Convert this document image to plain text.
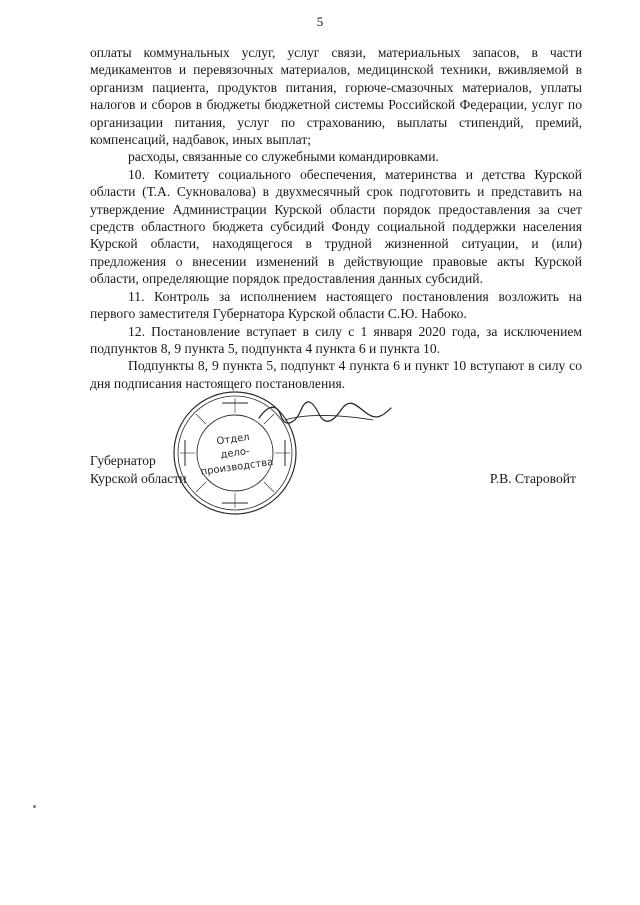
5

оплаты коммунальных услуг, услуг связи, материальных запасов, в части медикаментов и перевязочных материалов, медицинской техники, вживляемой в организм пациента, продуктов питания, горюче-смазочных материалов, уплаты налогов и сборов в бюджеты бюджетной системы Российской Федерации, услуг по организации питания, услуг по страхованию, выплаты стипендий, премий, компенсаций, надбавок, иных выплат;

расходы, связанные со служебными командировками.

10. Комитету социального обеспечения, материнства и детства Курской области (Т.А. Сукновалова) в двухмесячный срок подготовить и представить на утверждение Администрации Курской области порядок предоставления за счет средств областного бюджета субсидий Фонду социальной поддержки населения Курской области, находящегося в трудной жизненной ситуации, и (или) предложения о внесении изменений в действующие правовые акты Курской области, определяющие порядок предоставления данных субсидий.

11. Контроль за исполнением настоящего постановления возложить на первого заместителя Губернатора Курской области С.Ю. Набоко.

12. Постановление вступает в силу с 1 января 2020 года, за исключением подпунктов 8, 9 пункта 5, подпункта 4 пункта 6 и пункта 10.

Подпункты 8, 9 пункта 5, подпункт 4 пункта 6 и пункт 10 вступают в силу со дня подписания настоящего постановления.

Отдел
дело-
производства
Губернатор
Курской области	Р.В. Старовойт
